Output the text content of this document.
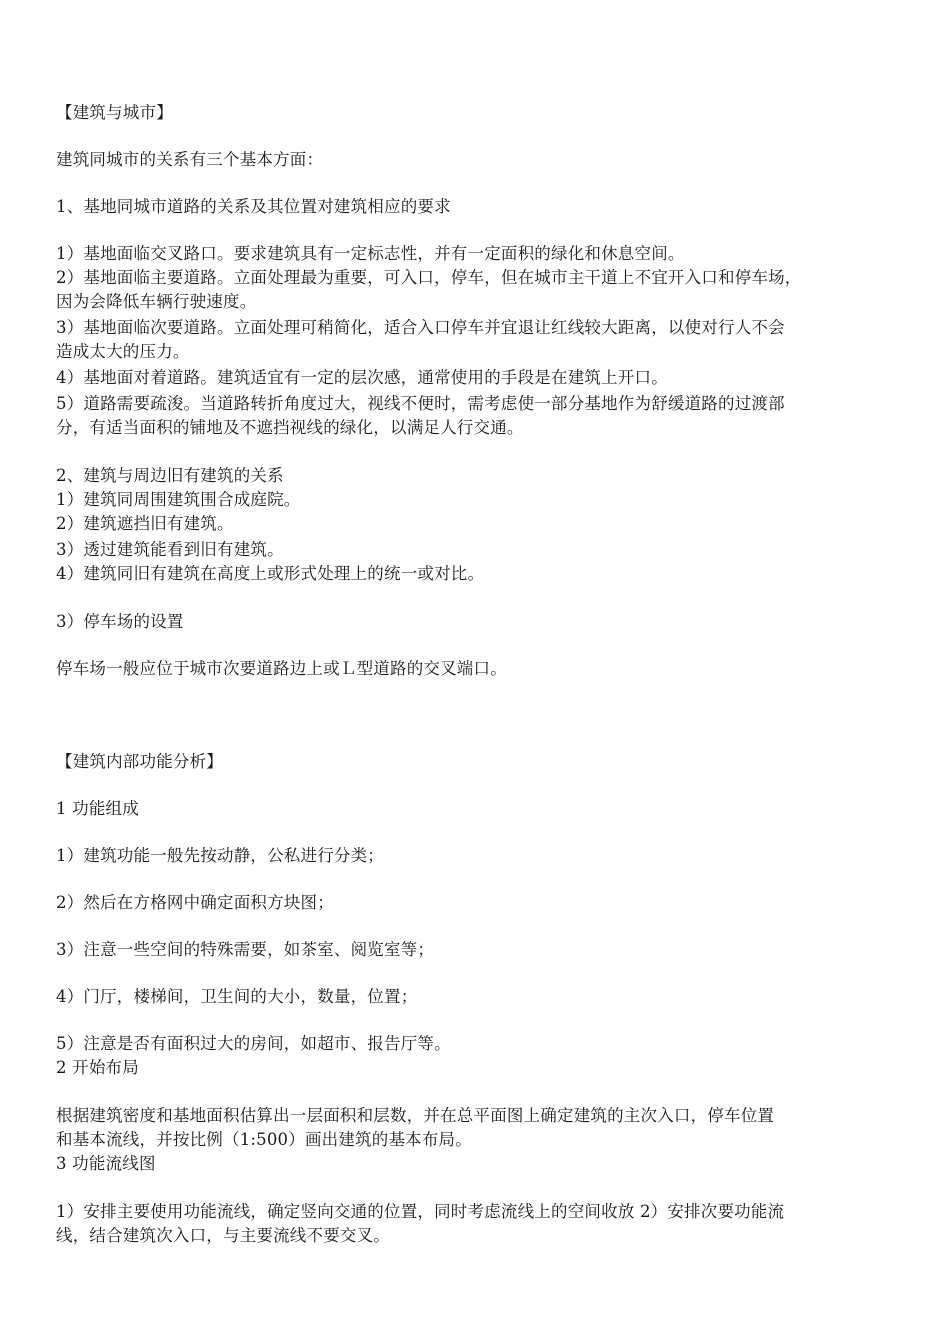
【建筑与城市】
建筑同城市的关系有三个基本方面：
1、基地同城市道路的关系及其位置对建筑相应的要求
1）基地面临交叉路口。要求建筑具有一定标志性，并有一定面积的绿化和休息空间。
2）基地面临主要道路。立面处理最为重要，可入口，停车，但在城市主干道上不宜开入口和停车场，
因为会降低车辆行驶速度。
3）基地面临次要道路。立面处理可稍简化，适合入口停车并宜退让红线较大距离，以使对行人不会
造成太大的压力。
4）基地面对着道路。建筑适宜有一定的层次感，通常使用的手段是在建筑上开口。
5）道路需要疏浚。当道路转折角度过大，视线不便时，需考虑使一部分基地作为舒缓道路的过渡部
分，有适当面积的铺地及不遮挡视线的绿化，以满足人行交通。
2、建筑与周边旧有建筑的关系
1）建筑同周围建筑围合成庭院。
2）建筑遮挡旧有建筑。
3）透过建筑能看到旧有建筑。
4）建筑同旧有建筑在高度上或形式处理上的统一或对比。
3）停车场的设置
停车场一般应位于城市次要道路边上或Ｌ型道路的交叉端口。
【建筑内部功能分析】
1 功能组成
1）建筑功能一般先按动静，公私进行分类；
2）然后在方格网中确定面积方块图；
3）注意一些空间的特殊需要，如茶室、阅览室等；
4）门厅，楼梯间，卫生间的大小，数量，位置；
5）注意是否有面积过大的房间，如超市、报告厅等。
2 开始布局
根据建筑密度和基地面积估算出一层面积和层数，并在总平面图上确定建筑的主次入口，停车位置
和基本流线，并按比例（1:500）画出建筑的基本布局。
3 功能流线图
1）安排主要使用功能流线，确定竖向交通的位置，同时考虑流线上的空间收放 2）安排次要功能流
线，结合建筑次入口，与主要流线不要交叉。
